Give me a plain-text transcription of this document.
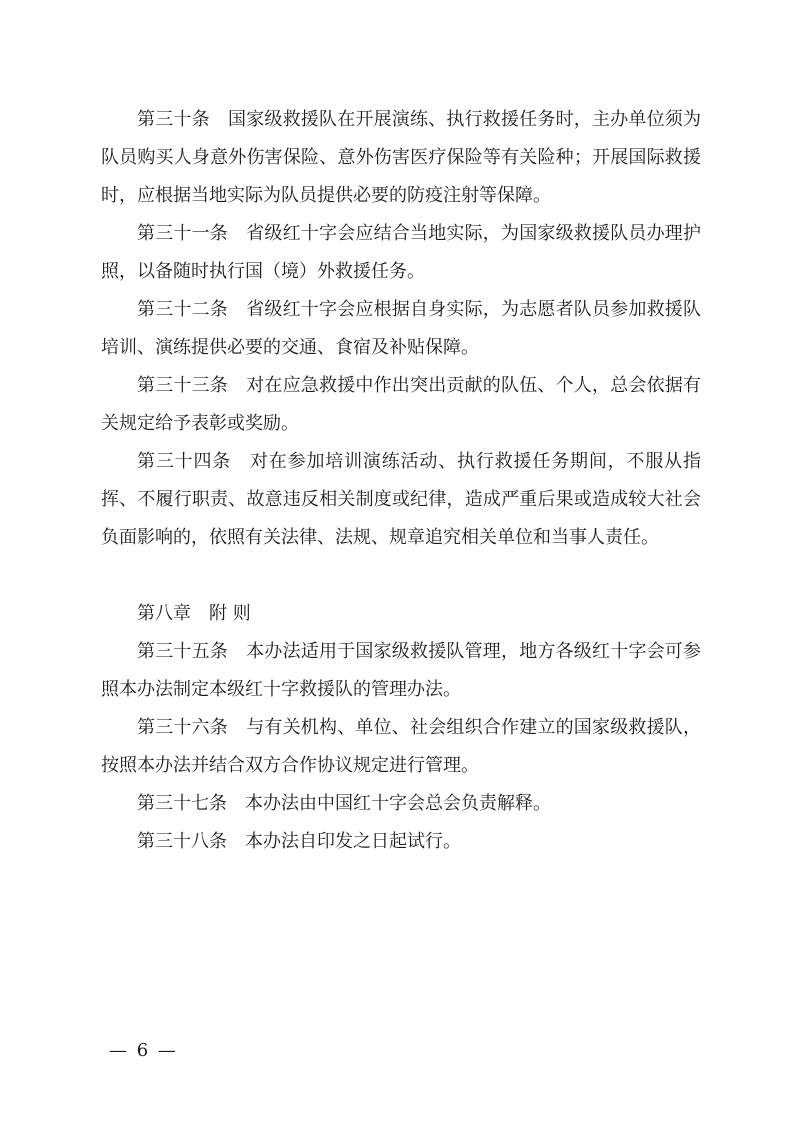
第三十条　国家级救援队在开展演练、执行救援任务时，主办单位须为队员购买人身意外伤害保险、意外伤害医疗保险等有关险种；开展国际救援时，应根据当地实际为队员提供必要的防疫注射等保障。

第三十一条　省级红十字会应结合当地实际，为国家级救援队员办理护照，以备随时执行国（境）外救援任务。

第三十二条　省级红十字会应根据自身实际，为志愿者队员参加救援队培训、演练提供必要的交通、食宿及补贴保障。

第三十三条　对在应急救援中作出突出贡献的队伍、个人，总会依据有关规定给予表彰或奖励。

第三十四条　对在参加培训演练活动、执行救援任务期间，不服从指挥、不履行职责、故意违反相关制度或纪律，造成严重后果或造成较大社会负面影响的，依照有关法律、法规、规章追究相关单位和当事人责任。

第八章　附 则

第三十五条　本办法适用于国家级救援队管理，地方各级红十字会可参照本办法制定本级红十字救援队的管理办法。

第三十六条　与有关机构、单位、社会组织合作建立的国家级救援队，按照本办法并结合双方合作协议规定进行管理。

第三十七条　本办法由中国红十字会总会负责解释。

第三十八条　本办法自印发之日起试行。

— 6 —
